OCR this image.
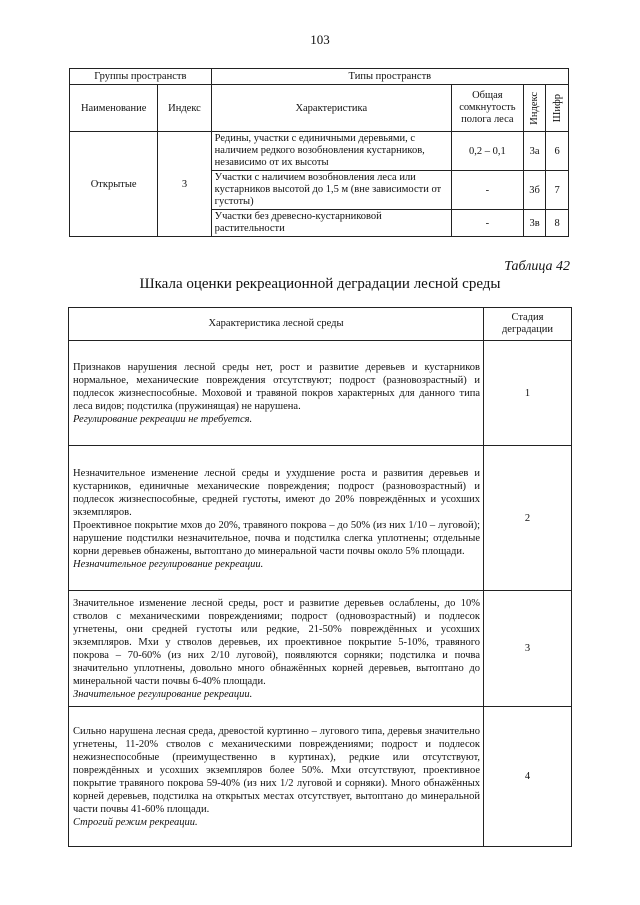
103
Группы пространств		Типы пространств			
Наименование	Индекс	Характеристика	Общая сомкнутость полога леса	Индекс	Шифр

Открытые	3	Редины, участки с единичными деревьями, с наличием редкого возобновления кустарников, независимо от их высоты	0,2 – 0,1	3а	6
		Участки с наличием возобновления леса или кустарников высотой до 1,5 м (вне зависимости от густоты)	-	3б	7
		Участки без древесно-кустарниковой растительности	-	3в	8
Таблица 42
Шкала оценки рекреационной деградации лесной среды
Характеристика лесной среды	Стадия деградации

Признаков нарушения лесной среды нет, рост и развитие деревьев и кустарников нормальное, механические повреждения отсутствуют; подрост (разновозрастный) и подлесок жизнеспособные. Моховой и травяной покров характерных для данного типа леса видов; подстилка (пружинящая) не нарушена.

Регулирование рекреации не требуется.	1

Незначительное изменение лесной среды и ухудшение роста и развития деревьев и кустарников, единичные механические повреждения; подрост (разновозрастный) и подлесок жизнеспособные, средней густоты, имеют до 20% повреждённых и усохших экземпляров.

Проективное покрытие мхов до 20%, травяного покрова – до 50% (из них 1/10 – луговой); нарушение подстилки незначительное, почва и подстилка слегка уплотнены; отдельные корни деревьев обнажены, вытоптано до минеральной части почвы около 5% площади.

Незначительное регулирование рекреации.	2

Значительное изменение лесной среды, рост и развитие деревьев ослаблены, до 10% стволов с механическими повреждениями; подрост (одновозрастный) и подлесок угнетены, они средней густоты или редкие, 21-50% повреждённых и усохших экземпляров. Мхи у стволов деревьев, их проективное покрытие 5-10%, травяного покрова – 70-60% (из них 2/10 луговой), появляются сорняки; подстилка и почва значительно уплотнены, довольно много обнажённых корней деревьев, вытоптано до минеральной части почвы 6-40% площади.

Значительное регулирование рекреации.	3

Сильно нарушена лесная среда, древостой куртинно – лугового типа, деревья значительно угнетены, 11-20% стволов с механическими повреждениями; подрост и подлесок нежизнеспособные (преимущественно в куртинах), редкие или отсутствуют, повреждённых и усохших экземпляров более 50%. Мхи отсутствуют, проективное покрытие травяного покрова 59-40% (из них 1/2 луговой и сорняки). Много обнажённых корней деревьев, подстилка на открытых местах отсутствует, вытоптано до минеральной части почвы 41-60% площади.

Строгий режим рекреации.	4
